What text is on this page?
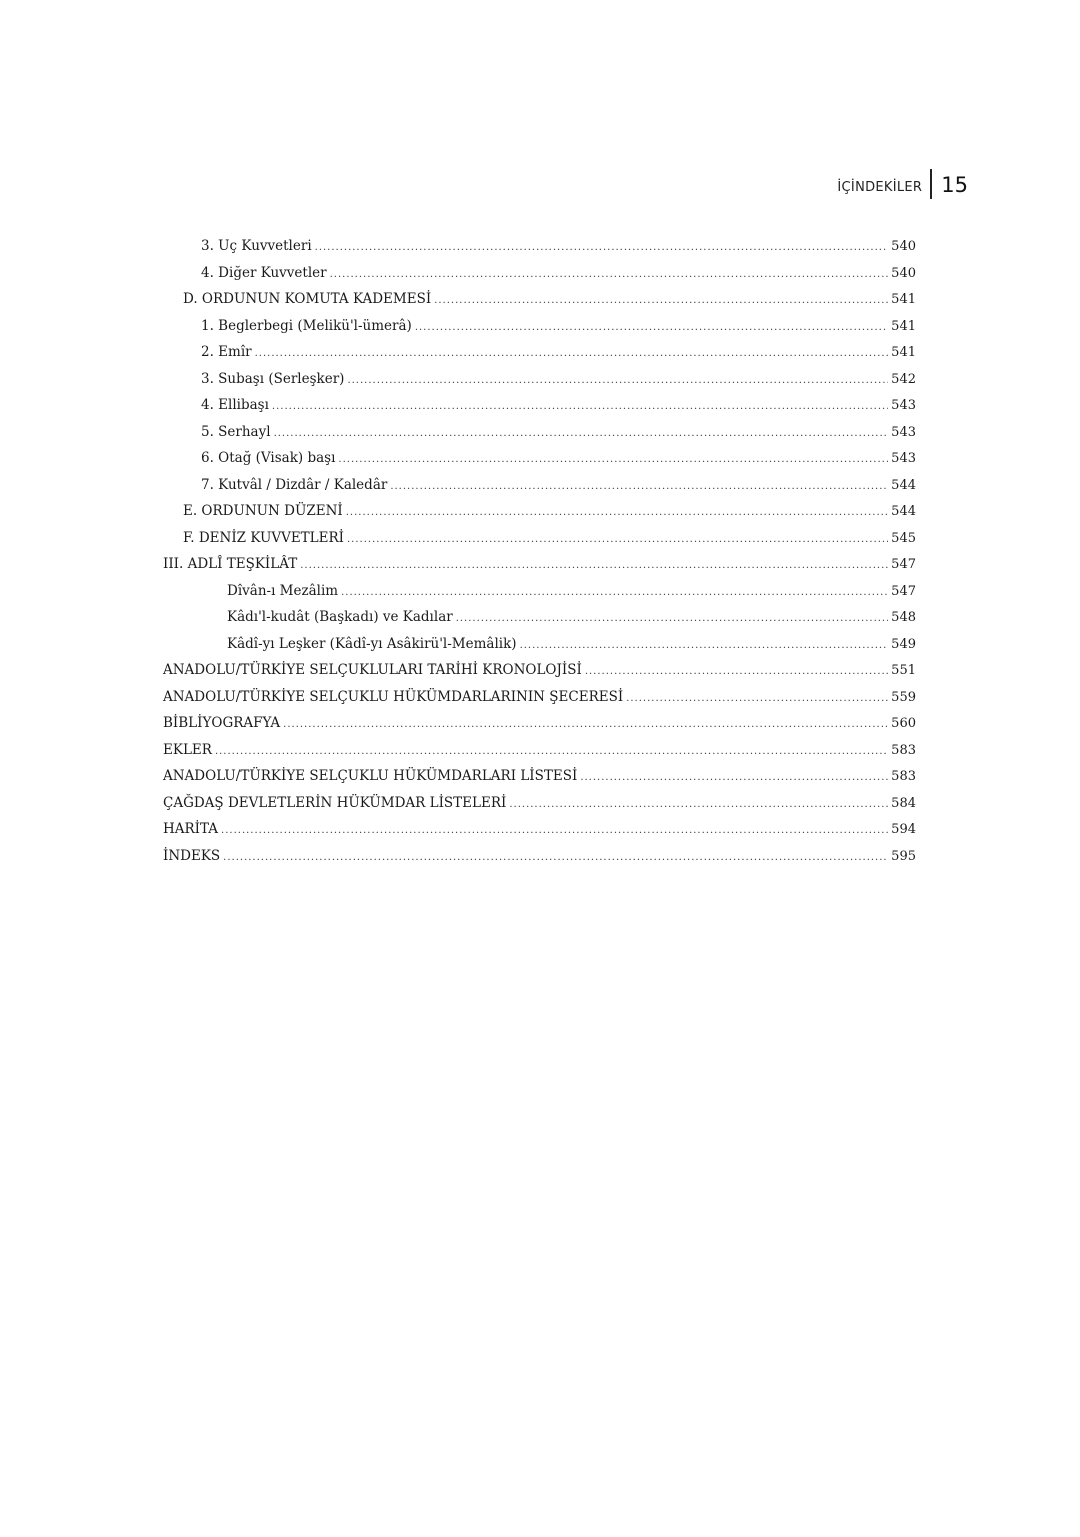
İÇİNDEKİLER 15
3. Uç Kuvvetleri .....	540
4. Diğer Kuvvetler .....	540
D. ORDUNUN KOMUTA KADEMESİ .....	541
1. Beglerbegi (Melikü'l-ümerâ) .....	541
2. Emîr .....	541
3. Subaşı (Serleşker) .....	542
4. Ellibaşı .....	543
5. Serhayl .....	543
6. Otağ (Visak) başı .....	543
7. Kutvâl / Dizdâr / Kaledâr .....	544
E. ORDUNUN DÜZENİ .....	544
F. DENİZ KUVVETLERİ .....	545
III. ADLÎ TEŞKİLÂT .....	547
Dîvân-ı Mezâlim .....	547
Kâdı'l-kudât (Başkadı) ve Kadılar .....	548
Kâdî-yı Leşker (Kâdî-yı Asâkirü'l-Memâlik) .....	549
ANADOLU/TÜRKİYE SELÇUKLULARI TARİHİ KRONOLOJİSİ .....	551
ANADOLU/TÜRKİYE SELÇUKLU HÜKÜMDARLARININ ŞECERESİ .....	559
BİBLİYOGRAFYA .....	560
EKLER .....	583
ANADOLU/TÜRKİYE SELÇUKLU HÜKÜMDARLARI LİSTESİ .....	583
ÇAĞDAŞ DEVLETLERİN HÜKÜMDAR LİSTELERİ .....	584
HARİTA .....	594
İNDEKS .....	595
